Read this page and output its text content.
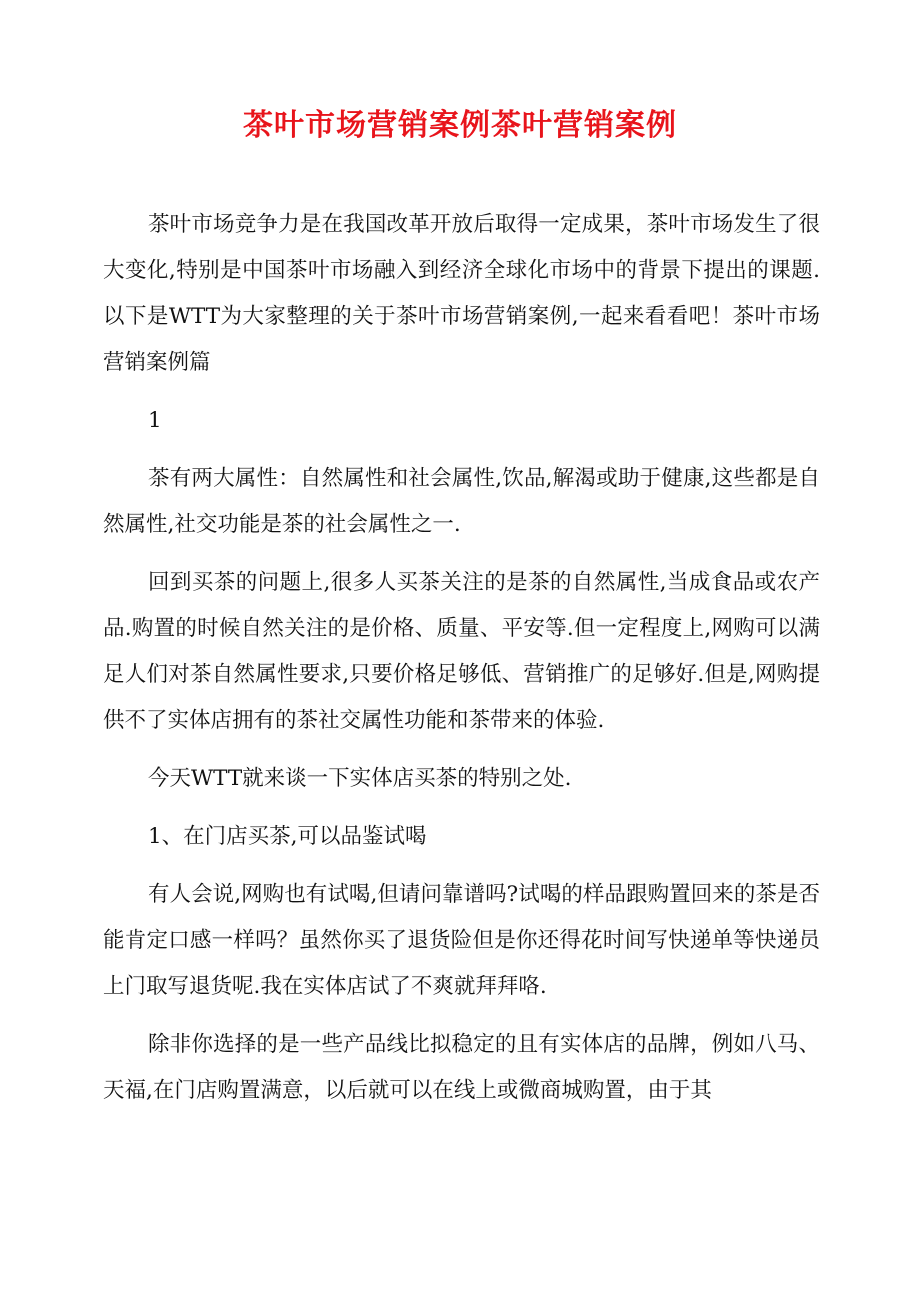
茶叶市场营销案例茶叶营销案例

茶叶市场竞争力是在我国改革开放后取得一定成果，茶叶市场发生了很大变化,特别是中国茶叶市场融入到经济全球化市场中的背景下提出的课题.以下是WTT为大家整理的关于茶叶市场营销案例,一起来看看吧！茶叶市场营销案例篇

1

茶有两大属性：自然属性和社会属性,饮品,解渴或助于健康,这些都是自然属性,社交功能是茶的社会属性之一.

回到买茶的问题上,很多人买茶关注的是茶的自然属性,当成食品或农产品.购置的时候自然关注的是价格、质量、平安等.但一定程度上,网购可以满足人们对茶自然属性要求,只要价格足够低、营销推广的足够好.但是,网购提供不了实体店拥有的茶社交属性功能和茶带来的体验.

今天WTT就来谈一下实体店买茶的特别之处.

1、在门店买茶,可以品鉴试喝

有人会说,网购也有试喝,但请问靠谱吗?试喝的样品跟购置回来的茶是否能肯定口感一样吗？虽然你买了退货险但是你还得花时间写快递单等快递员上门取写退货呢.我在实体店试了不爽就拜拜咯.

除非你选择的是一些产品线比拟稳定的且有实体店的品牌，例如八马、天福,在门店购置满意，以后就可以在线上或微商城购置，由于其
